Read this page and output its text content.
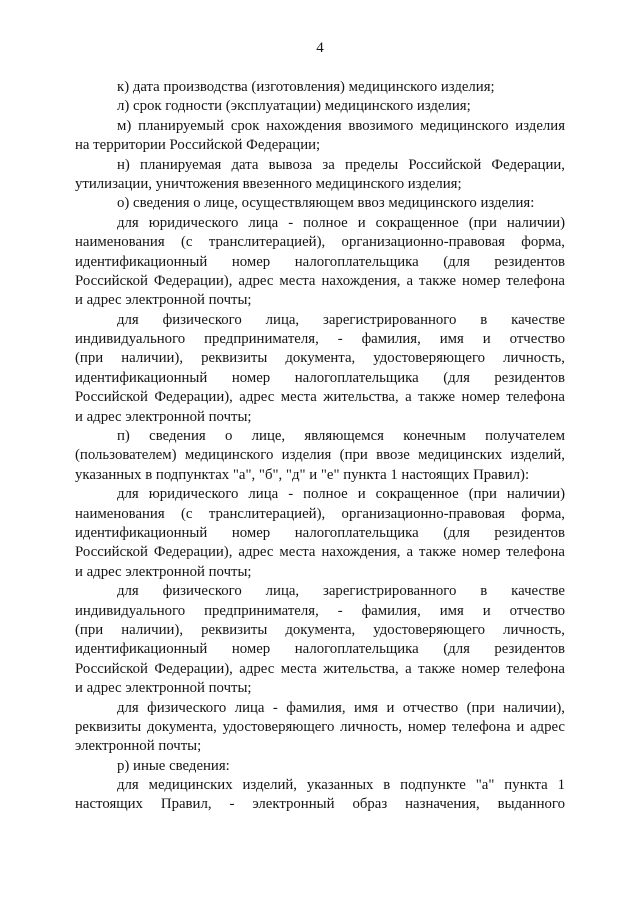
4
к) дата производства (изготовления) медицинского изделия;
л) срок годности (эксплуатации) медицинского изделия;
м) планируемый срок нахождения ввозимого медицинского изделия
на территории Российской Федерации;
н) планируемая дата вывоза за пределы Российской Федерации,
утилизации, уничтожения ввезенного медицинского изделия;
о) сведения о лице, осуществляющем ввоз медицинского изделия:
для юридического лица - полное и сокращенное (при наличии)
наименования (с транслитерацией), организационно-правовая форма,
идентификационный номер налогоплательщика (для резидентов
Российской Федерации), адрес места нахождения, а также номер телефона
и адрес электронной почты;
для физического лица, зарегистрированного в качестве
индивидуального предпринимателя, - фамилия, имя и отчество
(при наличии), реквизиты документа, удостоверяющего личность,
идентификационный номер налогоплательщика (для резидентов
Российской Федерации), адрес места жительства, а также номер телефона
и адрес электронной почты;
п) сведения о лице, являющемся конечным получателем
(пользователем) медицинского изделия (при ввозе медицинских изделий,
указанных в подпунктах "а", "б", "д" и "е" пункта 1 настоящих Правил):
для юридического лица - полное и сокращенное (при наличии)
наименования (с транслитерацией), организационно-правовая форма,
идентификационный номер налогоплательщика (для резидентов
Российской Федерации), адрес места нахождения, а также номер телефона
и адрес электронной почты;
для физического лица, зарегистрированного в качестве
индивидуального предпринимателя, - фамилия, имя и отчество
(при наличии), реквизиты документа, удостоверяющего личность,
идентификационный номер налогоплательщика (для резидентов
Российской Федерации), адрес места жительства, а также номер телефона
и адрес электронной почты;
для физического лица - фамилия, имя и отчество (при наличии),
реквизиты документа, удостоверяющего личность, номер телефона и адрес
электронной почты;
р) иные сведения:
для медицинских изделий, указанных в подпункте "а" пункта 1
настоящих Правил, - электронный образ назначения, выданного
